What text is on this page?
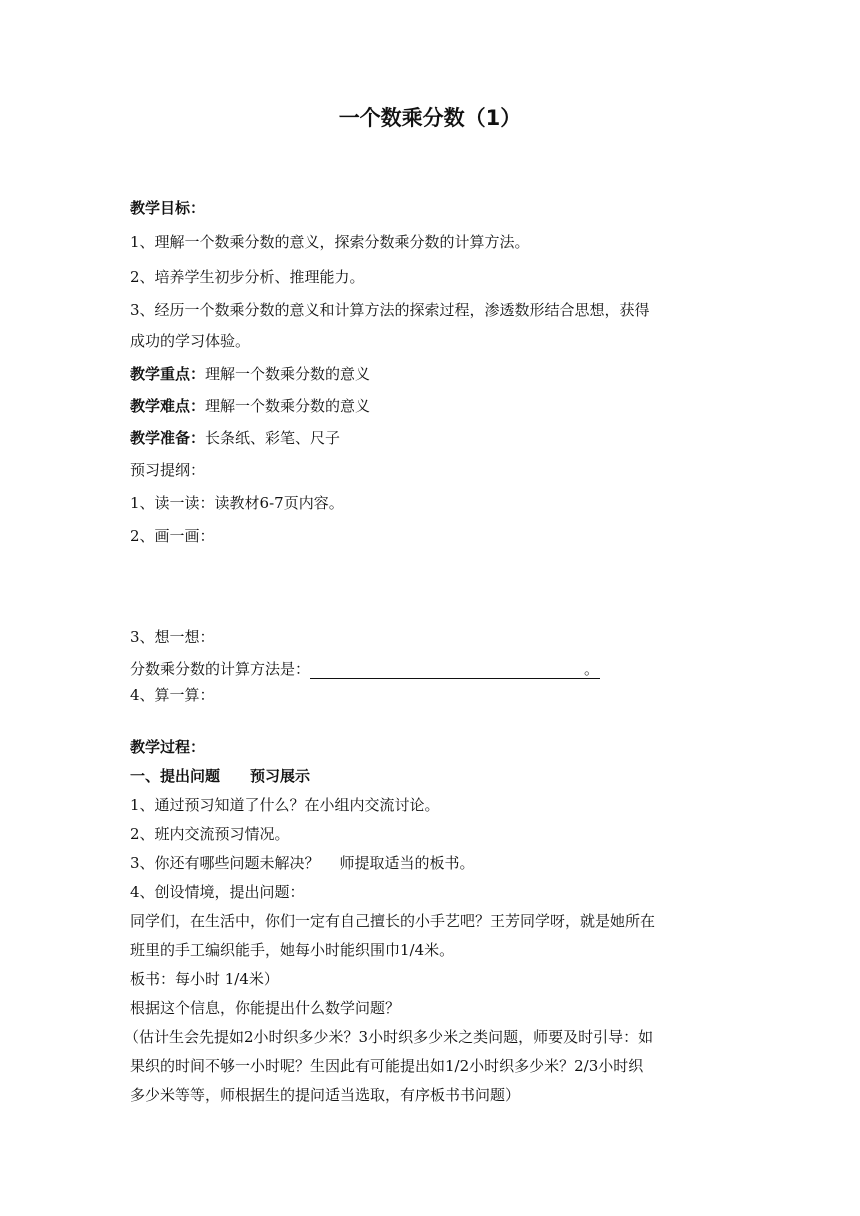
一个数乘分数（1）
教学目标：
1、理解一个数乘分数的意义，探索分数乘分数的计算方法。
2、培养学生初步分析、推理能力。
3、经历一个数乘分数的意义和计算方法的探索过程，渗透数形结合思想，获得
成功的学习体验。
教学重点：理解一个数乘分数的意义
教学难点：理解一个数乘分数的意义
教学准备：长条纸、彩笔、尺子
预习提纲：
1、读一读：读教材6-7页内容。
2、画一画：
3、想一想：
分数乘分数的计算方法是：	。
4、算一算：
教学过程：
一、提出问题 预习展示
1、通过预习知道了什么？在小组内交流讨论。
2、班内交流预习情况。
3、你还有哪些问题未解决？ 师提取适当的板书。
4、创设情境，提出问题：
同学们，在生活中，你们一定有自己擅长的小手艺吧？王芳同学呀，就是她所在
班里的手工编织能手，她每小时能织围巾1/4米。
板书：每小时 1/4米）
根据这个信息，你能提出什么数学问题？
（估计生会先提如2小时织多少米？3小时织多少米之类问题，师要及时引导：如
果织的时间不够一小时呢？生因此有可能提出如1/2小时织多少米？2/3小时织
多少米等等，师根据生的提问适当选取，有序板书书问题）
